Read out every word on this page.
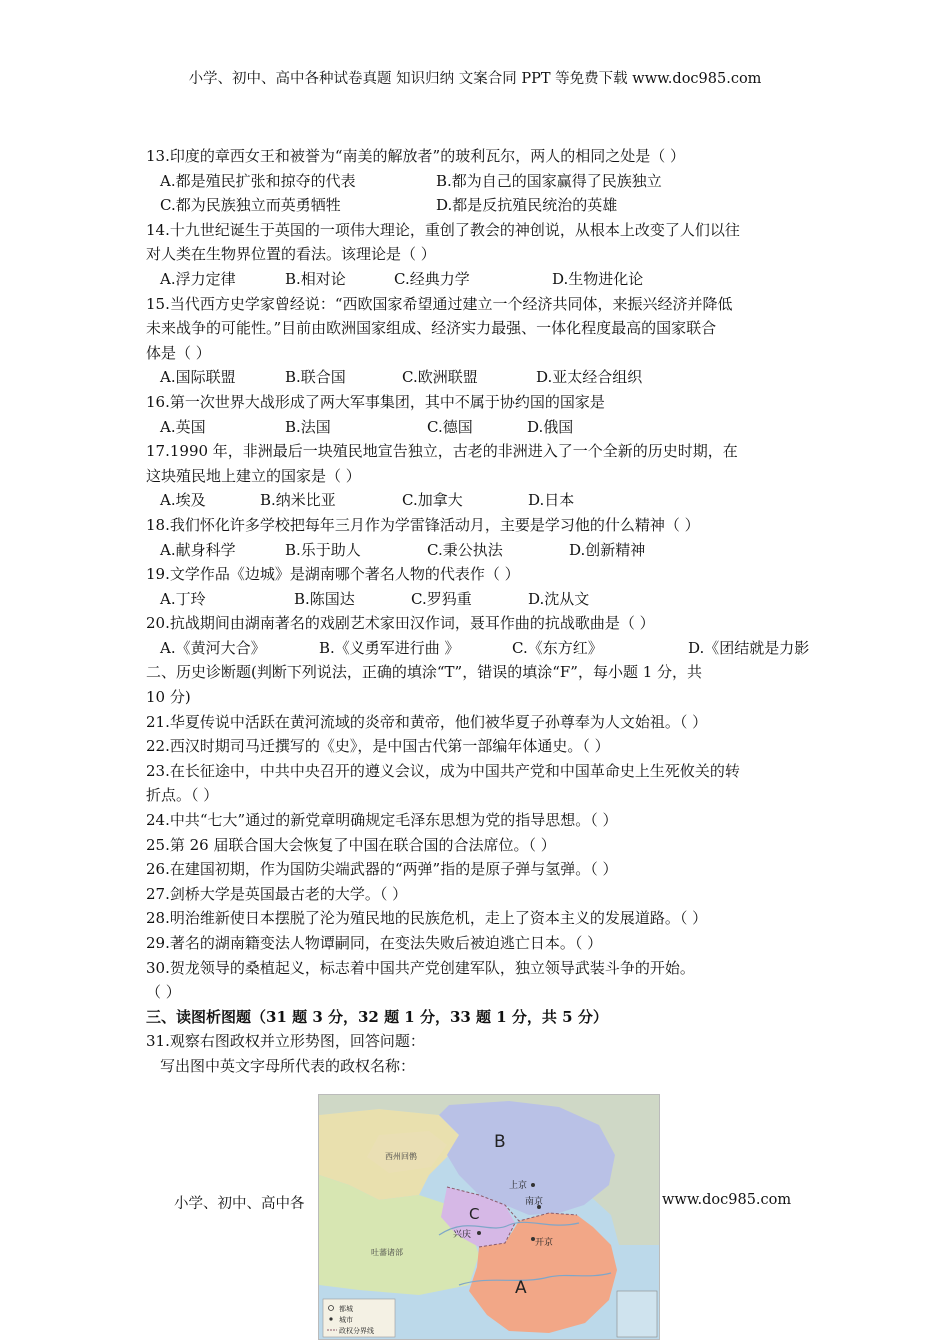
小学、初中、高中各种试卷真题 知识归纳 文案合同 PPT 等免费下载 www.doc985.com
13.印度的章西女王和被誉为“南美的解放者”的玻利瓦尔，两人的相同之处是（ ）
A.都是殖民扩张和掠夺的代表	B.都为自己的国家赢得了民族独立
C.都为民族独立而英勇牺牲	D.都是反抗殖民统治的英雄
14.十九世纪诞生于英国的一项伟大理论，重创了教会的神创说，从根本上改变了人们以往
对人类在生物界位置的看法。该理论是（ ）
A.浮力定律	B.相对论	C.经典力学	D.生物进化论
15.当代西方史学家曾经说：“西欧国家希望通过建立一个经济共同体，来振兴经济并降低
未来战争的可能性。”目前由欧洲国家组成、经济实力最强、一体化程度最高的国家联合
体是（ ）
A.国际联盟	B.联合国	C.欧洲联盟	D.亚太经合组织
16.第一次世界大战形成了两大军事集团，其中不属于协约国的国家是
A.英国	B.法国	C.德国	D.俄国
17.1990 年，非洲最后一块殖民地宣告独立，古老的非洲进入了一个全新的历史时期，在
这块殖民地上建立的国家是（ ）
A.埃及	B.纳米比亚	C.加拿大	D.日本
18.我们怀化许多学校把每年三月作为学雷锋活动月，主要是学习他的什么精神（ ）
A.献身科学	B.乐于助人	C.秉公执法	D.创新精神
19.文学作品《边城》是湖南哪个著名人物的代表作（ ）
A.丁玲	B.陈国达	C.罗犸重	D.沈从文
20.抗战期间由湖南著名的戏剧艺术家田汉作词，聂耳作曲的抗战歌曲是（ ）
A.《黄河大合》	B.《义勇军进行曲 》	C.《东方红》	D.《团结就是力影
二、历史诊断题(判断下列说法，正确的填涂“T”，错误的填涂“F”，每小题 1 分，共
10 分)
21.华夏传说中活跃在黄河流域的炎帝和黄帝，他们被华夏子孙尊奉为人文始祖。（ ）
22.西汉时期司马迁撰写的《史》，是中国古代第一部编年体通史。（ ）
23.在长征途中，中共中央召开的遵义会议，成为中国共产党和中国革命史上生死攸关的转
折点。（ ）
24.中共“七大”通过的新党章明确规定毛泽东思想为党的指导思想。（ ）
25.第 26 届联合国大会恢复了中国在联合国的合法席位。（ ）
26.在建国初期，作为国防尖端武器的“两弹”指的是原子弹与氢弹。（ ）
27.剑桥大学是英国最古老的大学。（ ）
28.明治维新使日本摆脱了沦为殖民地的民族危机，走上了资本主义的发展道路。（ ）
29.著名的湖南籍变法人物谭嗣同，在变法失败后被迫逃亡日本。（ ）
30.贺龙领导的桑植起义，标志着中国共产党创建军队，独立领导武装斗争的开始。
（ ）
三、读图析图题（31 题 3 分，32 题 1 分，33 题 1 分，共 5 分）
31.观察右图政权并立形势图，回答问题：
写出图中英文字母所代表的政权名称：
B
C
A
上京
南京
兴庆
开京
西州回鹘
吐蕃诸部
都城
城市
政权分界线
小学、初中、高中各	www.doc985.com
